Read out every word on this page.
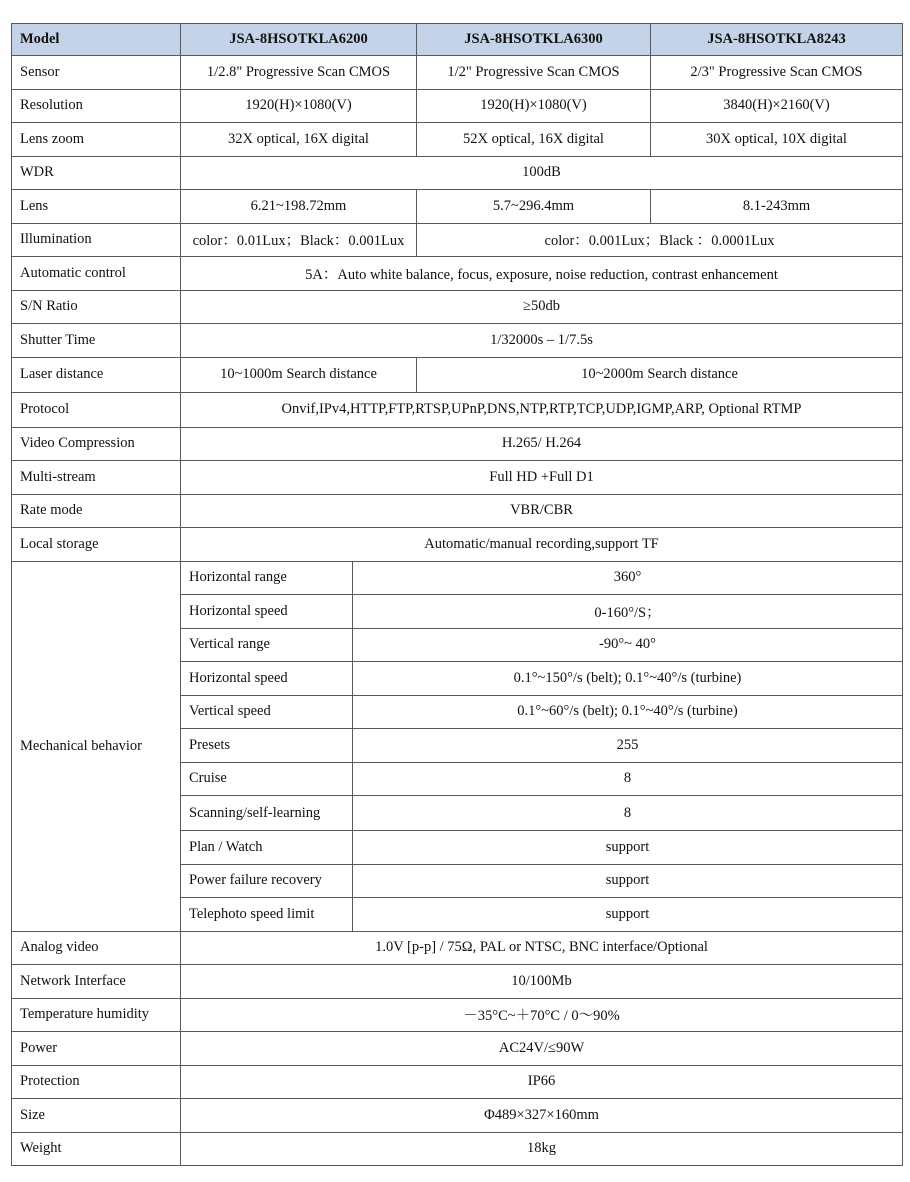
Model	JSA-8HSOTKLA6200		JSA-8HSOTKLA6300	JSA-8HSOTKLA8243
Sensor	1/2.8" Progressive Scan CMOS		1/2" Progressive Scan CMOS	2/3" Progressive Scan CMOS
Resolution	1920(H)×1080(V)		1920(H)×1080(V)	3840(H)×2160(V)
Lens zoom	32X optical, 16X digital		52X optical, 16X digital	30X optical, 10X digital
WDR	100dB			
Lens	6.21~198.72mm		5.7~296.4mm	8.1-243mm
Illumination	color：0.01Lux；Black：0.001Lux		color：0.001Lux；Black ：0.0001Lux	
Automatic control	5A：Auto white balance, focus, exposure, noise reduction, contrast enhancement			
S/N Ratio	≥50db			
Shutter Time	1/32000s – 1/7.5s			
Laser distance	10~1000m Search distance		10~2000m Search distance	
Protocol	Onvif,IPv4,HTTP,FTP,RTSP,UPnP,DNS,NTP,RTP,TCP,UDP,IGMP,ARP, Optional RTMP			
Video Compression	H.265/ H.264			
Multi-stream	Full HD +Full D1			
Rate mode	VBR/CBR			
Local storage	Automatic/manual recording,support TF			
Mechanical behavior	Horizontal range	360°		
	Horizontal speed	0-160°/S；		
	Vertical range	-90°~ 40°		
	Horizontal speed	0.1°~150°/s (belt); 0.1°~40°/s (turbine)		
	Vertical speed	0.1°~60°/s (belt); 0.1°~40°/s (turbine)		
	Presets	255		
	Cruise	8		
	Scanning/self-learning	8		
	Plan / Watch	support		
	Power failure recovery	support		
	Telephoto speed limit	support		
Analog video	1.0V [p-p] / 75Ω, PAL or NTSC, BNC interface/Optional			
Network Interface	10/100Mb			
Temperature humidity	－35°C~＋70°C / 0～90%			
Power	AC24V/≤90W			
Protection	IP66			
Size	Φ489×327×160mm			
Weight	18kg			
